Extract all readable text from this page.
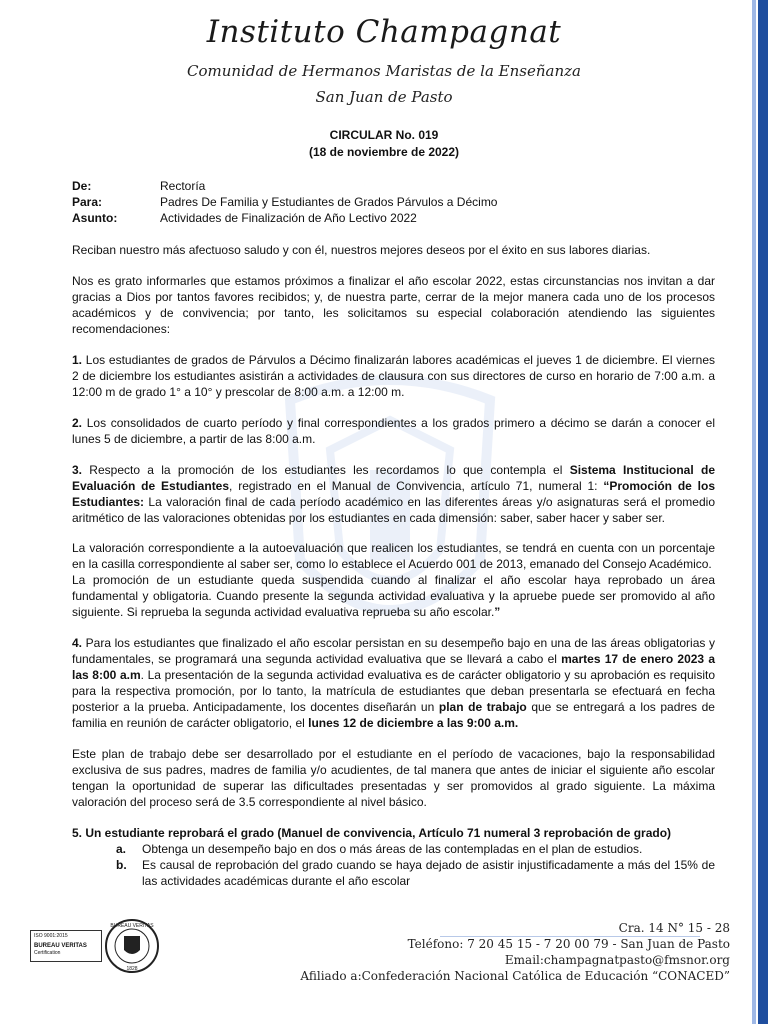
Instituto Champagnat
Comunidad de Hermanos Maristas de la Enseñanza
San Juan de Pasto
CIRCULAR No. 019
(18 de noviembre de 2022)
De:	Rectoría
Para:	Padres De Familia y Estudiantes de Grados Párvulos a Décimo
Asunto:	Actividades de Finalización de Año Lectivo 2022

Reciban nuestro más afectuoso saludo y con él, nuestros mejores deseos por el éxito en sus labores diarias.

Nos es grato informarles que estamos próximos a finalizar el año escolar 2022, estas circunstancias nos invitan a dar gracias a Dios por tantos favores recibidos; y, de nuestra parte, cerrar de la mejor manera cada uno de los procesos académicos y de convivencia; por tanto, les solicitamos su especial colaboración atendiendo las siguientes recomendaciones:

1. Los estudiantes de grados de Párvulos a Décimo finalizarán labores académicas el jueves 1 de diciembre. El viernes 2 de diciembre los estudiantes asistirán a actividades de clausura con sus directores de curso en horario de 7:00 a.m. a 12:00 m de grado 1° a 10° y prescolar de 8:00 a.m. a 12:00 m.

2. Los consolidados de cuarto período y final correspondientes a los grados primero a décimo se darán a conocer el lunes 5 de diciembre, a partir de las 8:00 a.m.

3. Respecto a la promoción de los estudiantes les recordamos lo que contempla el Sistema Institucional de Evaluación de Estudiantes, registrado en el Manual de Convivencia, artículo 71, numeral 1: “Promoción de los Estudiantes: La valoración final de cada período académico en las diferentes áreas y/o asignaturas será el promedio aritmético de las valoraciones obtenidas por los estudiantes en cada dimensión: saber, saber hacer y saber ser.

La valoración correspondiente a la autoevaluación que realicen los estudiantes, se tendrá en cuenta con un porcentaje en la casilla correspondiente al saber ser, como lo establece el Acuerdo 001 de 2013, emanado del Consejo Académico.

La promoción de un estudiante queda suspendida cuando al finalizar el año escolar haya reprobado un área fundamental y obligatoria. Cuando presente la segunda actividad evaluativa y la apruebe puede ser promovido al año siguiente. Si reprueba la segunda actividad evaluativa reprueba su año escolar.”

4. Para los estudiantes que finalizado el año escolar persistan en su desempeño bajo en una de las áreas obligatorias y fundamentales, se programará una segunda actividad evaluativa que se llevará a cabo el martes 17 de enero 2023 a las 8:00 a.m. La presentación de la segunda actividad evaluativa es de carácter obligatorio y su aprobación es requisito para la respectiva promoción, por lo tanto, la matrícula de estudiantes que deban presentarla se efectuará en fecha posterior a la prueba. Anticipadamente, los docentes diseñarán un plan de trabajo que se entregará a los padres de familia en reunión de carácter obligatorio, el lunes 12 de diciembre a las 9:00 a.m.

Este plan de trabajo debe ser desarrollado por el estudiante en el período de vacaciones, bajo la responsabilidad exclusiva de sus padres, madres de familia y/o acudientes, de tal manera que antes de iniciar el siguiente año escolar tengan la oportunidad de superar las dificultades presentadas y ser promovidos al grado siguiente. La máxima valoración del proceso será de 3.5 correspondiente al nivel básico.

5. Un estudiante reprobará el grado (Manuel de convivencia, Artículo 71 numeral 3 reprobación de grado)

a.	Obtenga un desempeño bajo en dos o más áreas de las contempladas en el plan de estudios.
b.	Es causal de reprobación del grado cuando se haya dejado de asistir injustificadamente a más del 15% de las actividades académicas durante el año escolar
ISO 9001:2015
BUREAU VERITAS
Certification
BUREAU VERITAS
1828
Cra. 14 N° 15 - 28
Teléfono: 7 20 45 15 - 7 20 00 79 - San Juan de Pasto
Email:champagnatpasto@fmsnor.org
Afiliado a:Confederación Nacional Católica de Educación “CONACED”
